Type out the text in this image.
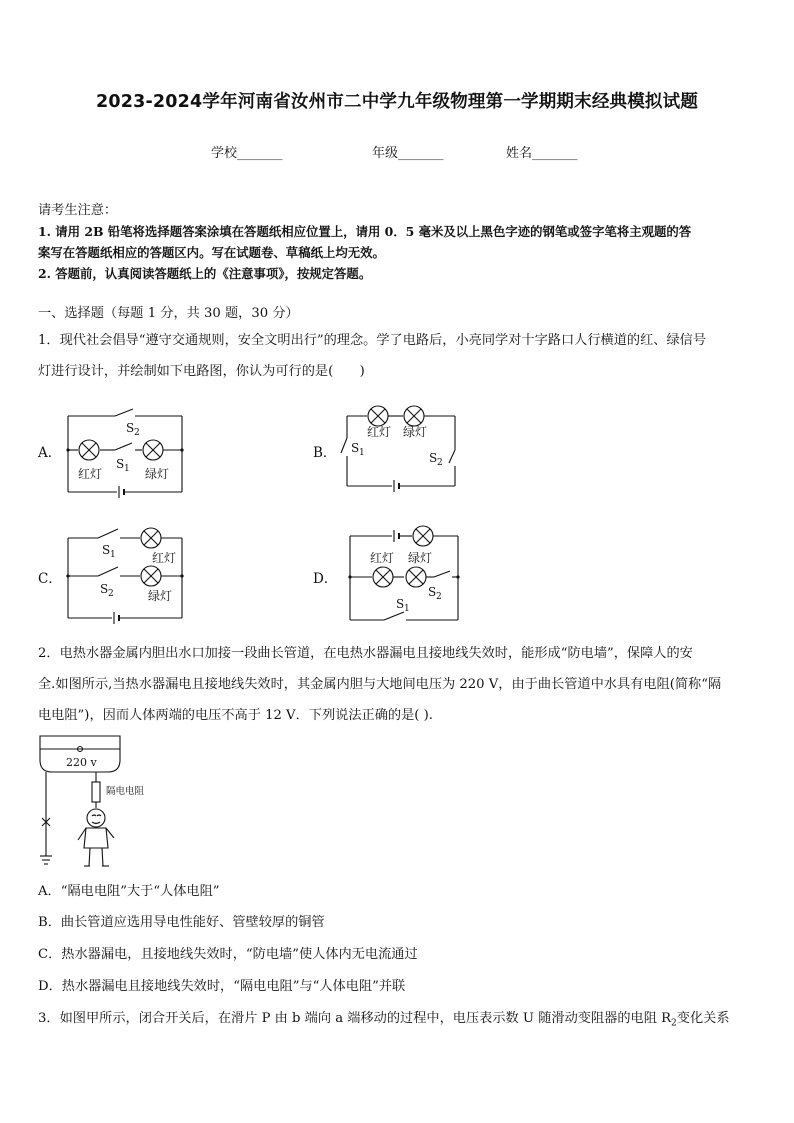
2023-2024学年河南省汝州市二中学九年级物理第一学期期末经典模拟试题
学校_______	年级_______	姓名_______
请考生注意：
1. 请用 2B 铅笔将选择题答案涂填在答题纸相应位置上，请用 0．5 毫米及以上黑色字迹的钢笔或签字笔将主观题的答
案写在答题纸相应的答题区内。写在试题卷、草稿纸上均无效。
2. 答题前，认真阅读答题纸上的《注意事项》，按规定答题。
一、选择题（每题 1 分，共 30 题，30 分）
1．现代社会倡导“遵守交通规则，安全文明出行”的理念。学了电路后，小亮同学对十字路口人行横道的红、绿信号
灯进行设计，并绘制如下电路图，你认为可行的是(　　)
A．	B．
C．	D．
S 2
S 1
红灯	绿灯
红灯 绿灯
S 1	S 2
S 1	红灯
S 2	绿灯
红灯 绿灯
S 2
S 1
2．电热水器金属内胆出水口加接一段曲长管道，在电热水器漏电且接地线失效时，能形成“防电墙”，保障人的安
全.如图所示,当热水器漏电且接地线失效时，其金属内胆与大地间电压为 220 V，由于曲长管道中水具有电阻(简称“隔
电电阻”)，因而人体两端的电压不高于 12 V．下列说法正确的是( ).
220 v
隔电电阻
A．“隔电电阻”大于“人体电阻”
B．曲长管道应选用导电性能好、管壁较厚的铜管
C．热水器漏电，且接地线失效时，“防电墙”使人体内无电流通过
D．热水器漏电且接地线失效时，“隔电电阻”与“人体电阻”并联
3．如图甲所示，闭合开关后，在滑片 P 由 b 端向 a 端移动的过程中，电压表示数 U 随滑动变阻器的电阻 $R_2$变化关系
